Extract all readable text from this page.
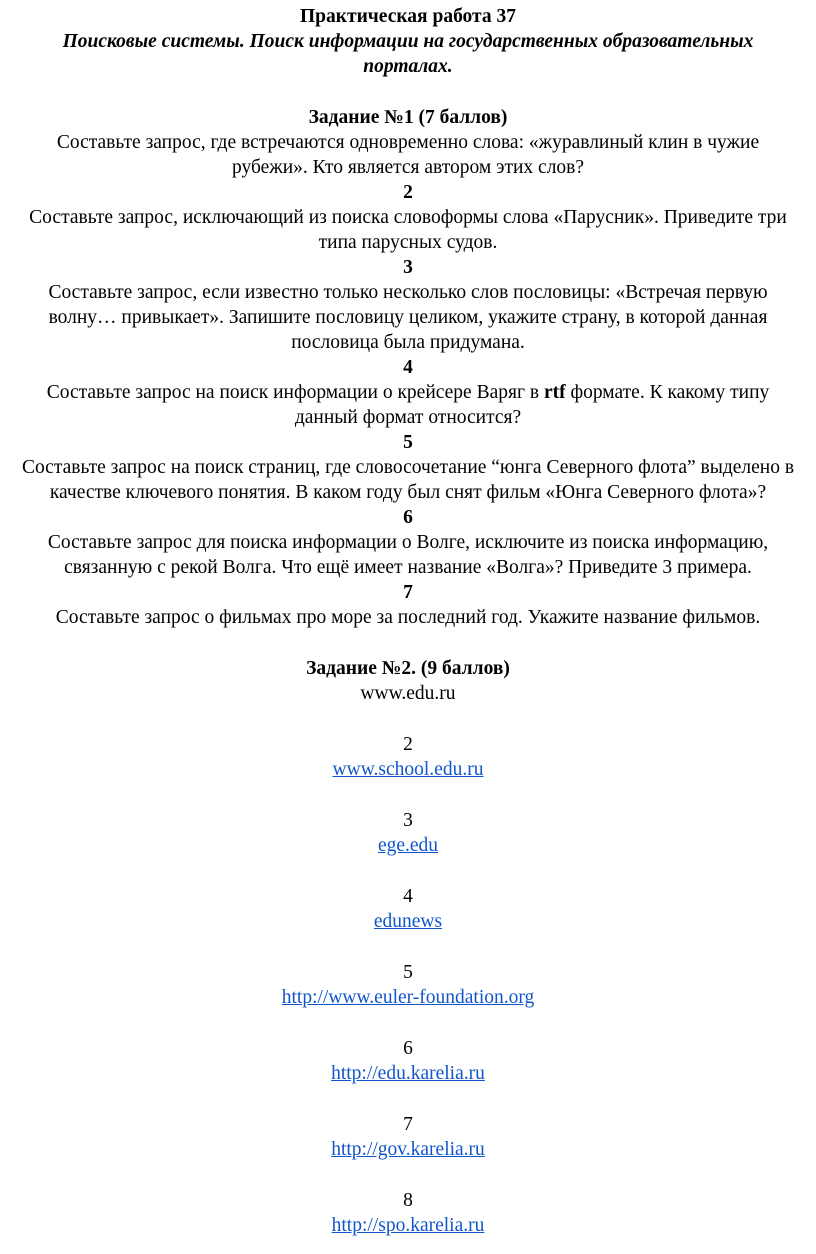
Практическая работа 37

Поисковые системы. Поиск информации на государственных образовательных

порталах.

Задание №1 (7 баллов)

Составьте запрос, где встречаются одновременно слова: «журавлиный клин в чужие

рубежи». Кто является автором этих слов?

2

Составьте запрос, исключающий из поиска словоформы слова «Парусник». Приведите три

типа парусных судов.

3

Составьте запрос, если известно только несколько слов пословицы: «Встречая первую

волну… привыкает». Запишите пословицу целиком, укажите страну, в которой данная

пословица была придумана.

4

Составьте запрос на поиск информации о крейсере Варяг в rtf формате. К какому типу

данный формат относится?

5

Составьте запрос на поиск страниц, где словосочетание “юнга Северного флота” выделено в

качестве ключевого понятия. В каком году был снят фильм «Юнга Северного флота»?

6

Составьте запрос для поиска информации о Волге, исключите из поиска информацию,

связанную с рекой Волга. Что ещё имеет название «Волга»? Приведите 3 примера.

7

Составьте запрос о фильмах про море за последний год. Укажите название фильмов.

Задание №2. (9 баллов)

www.edu.ru

2

www.school.edu.ru

3

ege.edu

4

edunews

5

http://www.euler-foundation.org

6

http://edu.karelia.ru

7

http://gov.karelia.ru

8

http://spo.karelia.ru
